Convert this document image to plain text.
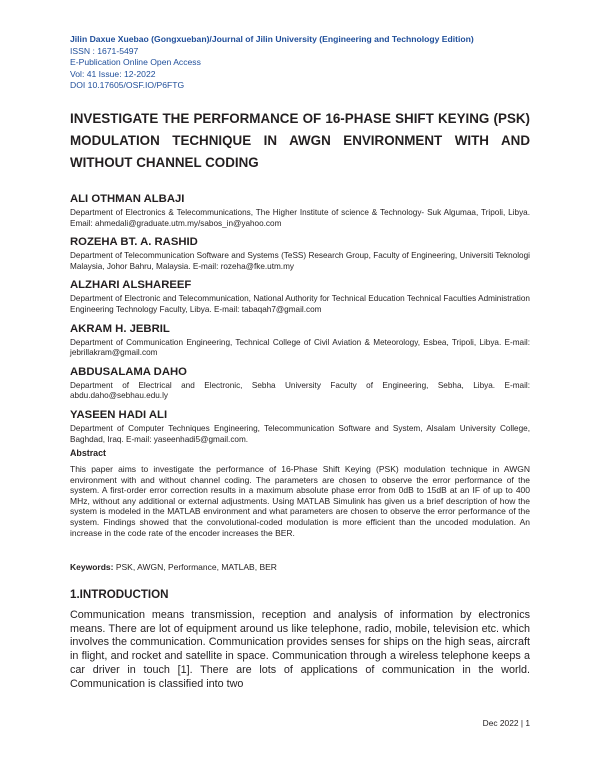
Jilin Daxue Xuebao (Gongxueban)/Journal of Jilin University (Engineering and Technology Edition)
ISSN : 1671-5497
E-Publication Online Open Access
Vol: 41 Issue: 12-2022
DOI 10.17605/OSF.IO/P6FTG
INVESTIGATE THE PERFORMANCE OF 16-PHASE SHIFT KEYING (PSK) MODULATION TECHNIQUE IN AWGN ENVIRONMENT WITH AND WITHOUT CHANNEL CODING

ALI OTHMAN ALBAJI

Department of Electronics & Telecommunications, The Higher Institute of science & Technology- Suk Algumaa, Tripoli, Libya. Email: ahmedali@graduate.utm.my/sabos_in@yahoo.com

ROZEHA BT. A. RASHID

Department of Telecommunication Software and Systems (TeSS) Research Group, Faculty of Engineering, Universiti Teknologi Malaysia, Johor Bahru, Malaysia. E-mail: rozeha@fke.utm.my

ALZHARI ALSHAREEF

Department of Electronic and Telecommunication, National Authority for Technical Education Technical Faculties Administration Engineering Technology Faculty, Libya. E-mail: tabaqah7@gmail.com

AKRAM H. JEBRIL

Department of Communication Engineering, Technical College of Civil Aviation & Meteorology, Esbea, Tripoli, Libya. E-mail: jebrillakram@gmail.com

ABDUSALAMA DAHO

Department of Electrical and Electronic, Sebha University Faculty of Engineering, Sebha, Libya. E-mail: abdu.daho@sebhau.edu.ly

YASEEN HADI ALI

Department of Computer Techniques Engineering, Telecommunication Software and System, Alsalam University College, Baghdad, Iraq. E-mail: yaseenhadi5@gmail.com.

Abstract

This paper aims to investigate the performance of 16-Phase Shift Keying (PSK) modulation technique in AWGN environment with and without channel coding. The parameters are chosen to observe the error performance of the system. A first-order error correction results in a maximum absolute phase error from 0dB to 15dB at an IF of up to 400 MHz, without any additional or external adjustments. Using MATLAB Simulink has given us a brief description of how the system is modeled in the MATLAB environment and what parameters are chosen to observe the error performance of the system. Findings showed that the convolutional-coded modulation is more efficient than the uncoded modulation. An increase in the code rate of the encoder increases the BER.

Keywords: PSK, AWGN, Performance, MATLAB, BER

1.INTRODUCTION

Communication means transmission, reception and analysis of information by electronics means. There are lot of equipment around us like telephone, radio, mobile, television etc. which involves the communication. Communication provides senses for ships on the high seas, aircraft in flight, and rocket and satellite in space. Communication through a wireless telephone keeps a car driver in touch [1]. There are lots of applications of communication in the world. Communication is classified into two

Dec 2022 | 1
